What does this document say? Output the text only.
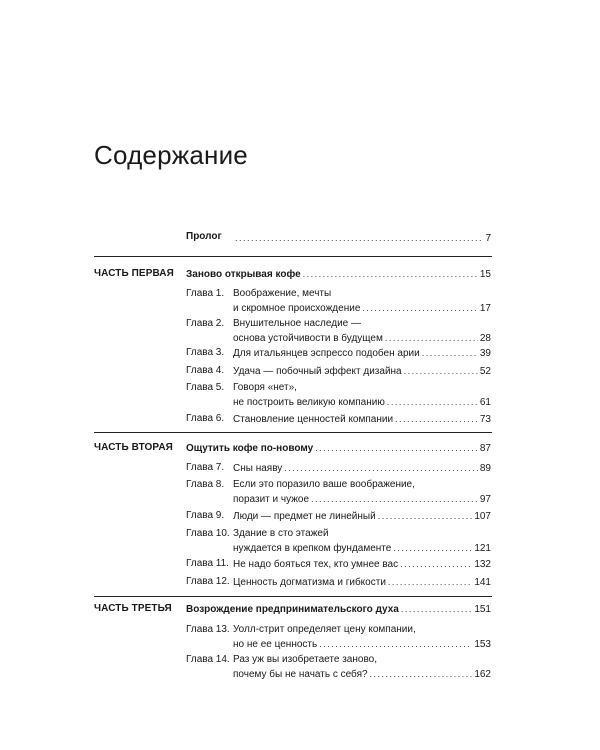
Содержание
Пролог . . .	7
ЧАСТЬ ПЕРВАЯ Заново открывая кофе . . .	15
Глава 1. Воображение, мечты
и скромное происхождение . . .	17
Глава 2. Внушительное наследие —
основа устойчивости в будущем . . .	28
Глава 3. Для итальянцев эспрессо подобен арии . . .	39
Глава 4. Удача — побочный эффект дизайна . . .	52
Глава 5. Говоря «нет»,
не построить великую компанию . . .	61
Глава 6. Становление ценностей компании . . .	73
ЧАСТЬ ВТОРАЯ Ощутить кофе по-новому . . .	87
Глава 7. Сны наяву . . .	89
Глава 8. Если это поразило ваше воображение,
поразит и чужое . . .	97
Глава 9. Люди — предмет не линейный . . .	107
Глава 10. Здание в сто этажей
нуждается в крепком фундаменте . . .	121
Глава 11. Не надо бояться тех, кто умнее вас . . .	132
Глава 12. Ценность догматизма и гибкости . . .	141
ЧАСТЬ ТРЕТЬЯ Возрождение предпринимательского духа . . .	151
Глава 13. Уолл-стрит определяет цену компании,
но не ее ценность . . .	153
Глава 14. Раз уж вы изобретаете заново,
почему бы не начать с себя? . . .	162
